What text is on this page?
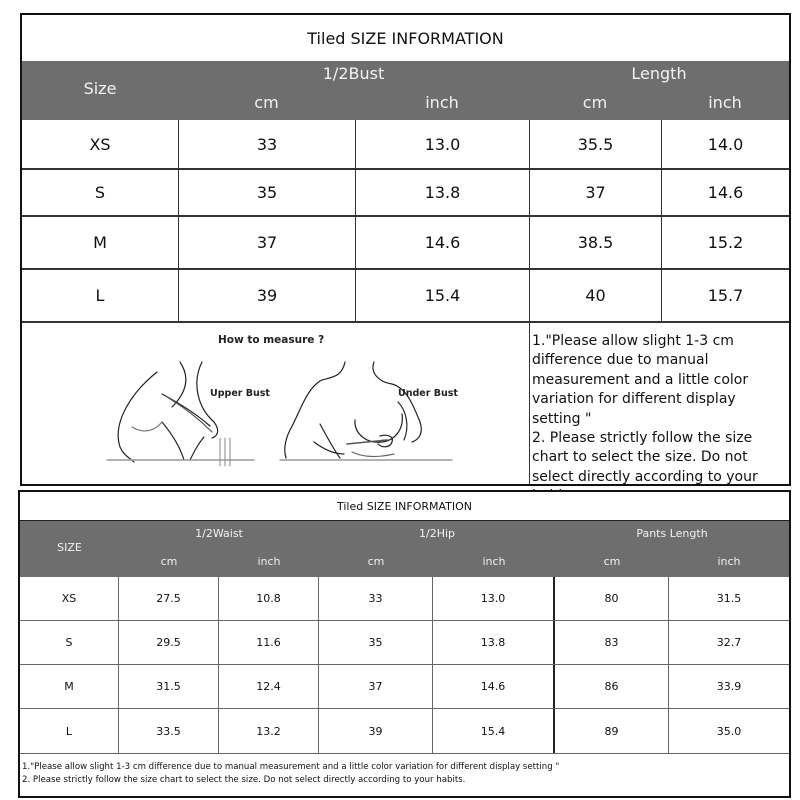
Tiled SIZE INFORMATION
Size
1/2Bust
cm	inch
Length
cm	inch
XS	33	13.0	35.5	14.0
S	35	13.8	37	14.6
M	37	14.6	38.5	15.2
L	39	15.4	40	15.7
How to measure ?
Upper Bust	Under Bust

1."Please allow slight 1-3 cm difference due to manual measurement and a little color variation for different display setting "

2. Please strictly follow the size chart to select the size. Do not select directly according to your

Tiled SIZE INFORMATION
SIZE
1/2Waist
cm	inch
1/2Hip
cm	inch
Pants Length
cm	inch
XS	27.5	10.8	33	13.0	80	31.5
S	29.5	11.6	35	13.8	83	32.7
M	31.5	12.4	37	14.6	86	33.9
L	33.5	13.2	39	15.4	89	35.0

1."Please allow slight 1-3 cm difference due to manual measurement and a little color variation for different display setting "

2. Please strictly follow the size chart to select the size. Do not select directly according to your habits.
